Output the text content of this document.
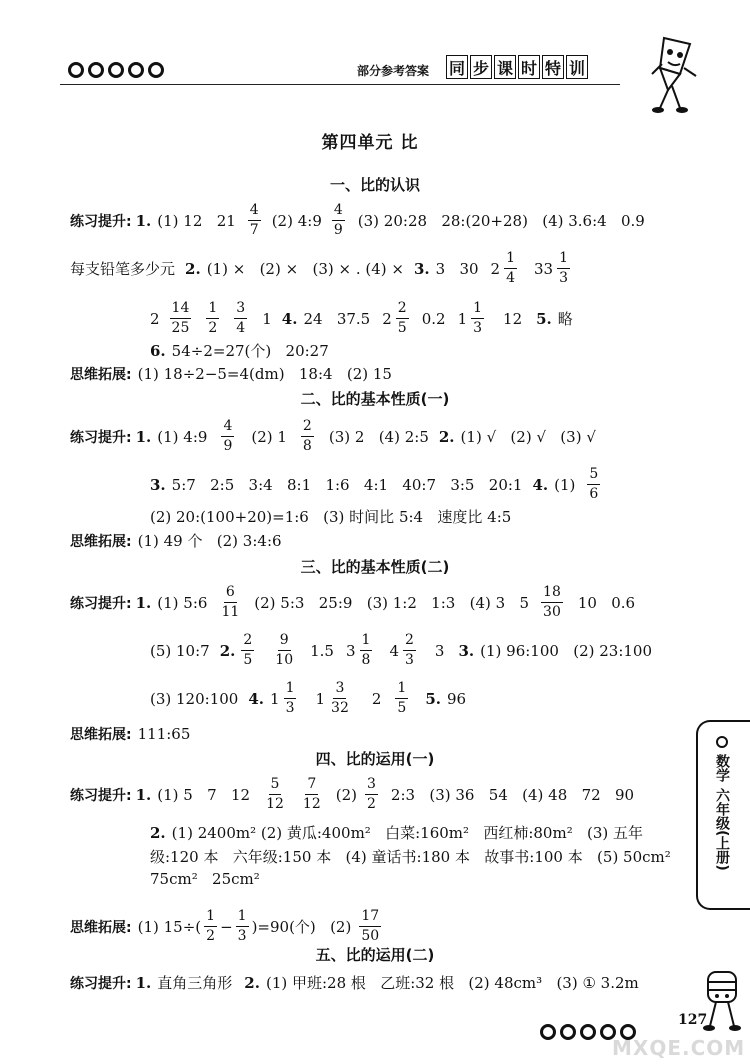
部分参考答案 同 步 课 时 特 训
第四单元 比
一、比的认识
练习提升: 1. (1) 12   $21 \frac{4}{7} (2)$ 4:9 $\frac{4}{9} (3)$ 20:28   28:(20+28)   (4) 3.6:4   0.9
每支铅笔多少元 2. (1) ×   (2) ×   (3) × . (4) × 3. 3   30 $2 \frac{1}{4} 33 \frac{1}{3}$
$2 \frac{14}{25} \frac{1}{2} \frac{3}{4} 1$ 4. 24   37.5 $2 \frac{2}{5} 0.2$ $1 \frac{1}{3} 12$ 5. 略
6. 54÷2=27(个)   20:27
思维拓展: (1) 18÷2−5=4(dm)   18:4   (2) 15
二、比的基本性质(一)
练习提升: 1. (1) 4:9 $\frac{4}{9} (2)$ $1 \frac{2}{8} (3)$ 2   (4) 2:5 2. (1) √   (2) √   (3) √
3. 5:7   2:5   3:4   8:1   1:6   4:1   40:7   3:5   20:1 4. $(1) \frac{5}{6}$
(2) 20:(100+20)=1:6   (3) 时间比 5:4   速度比 4:5
思维拓展: (1) 49 个   (2) 3:4:6
三、比的基本性质(二)
练习提升: 1. (1) 5:6 $\frac{6}{11} (2)$ 5:3   25:9   (3) 1:2   1:3   (4) 3   $5 \frac{18}{30} 10$   0.6
(5) 10:7 2. $\frac{2}{5} \frac{9}{10} 1.5$ $3 \frac{1}{8} 4 \frac{2}{3} 3$ 3. (1) 96:100   (2) 23:100
(3) 120:100 4. $1 \frac{1}{3} 1 \frac{3}{32} 2 \frac{1}{5} 5$. 96
思维拓展: 111:65
四、比的运用(一)
练习提升: 1. (1) 5   7   $12 \frac{5}{12} \frac{7}{12} (2) \frac{3}{2}$ 2:3   (3) 36   54   (4) 48   72   90
2. (1) 2400m² (2) 黄瓜:400m²   白菜:160m²   西红柿:80m²   (3) 五年
级:120 本   六年级:150 本   (4) 童话书:180 本   故事书:100 本   (5) 50cm²
75cm²   25cm²
思维拓展: (1) $15\div( \frac{1}{2} - \frac{1}{3} )=90$(个)   $(2) \frac{17}{50}$
五、比的运用(二)
练习提升: 1. 直角三角形 2. (1) 甲班:28 根   乙班:32 根   (2) 48cm³   (3) ① 3.2m
数学
六年级(上册)
127
MXQE.COM
